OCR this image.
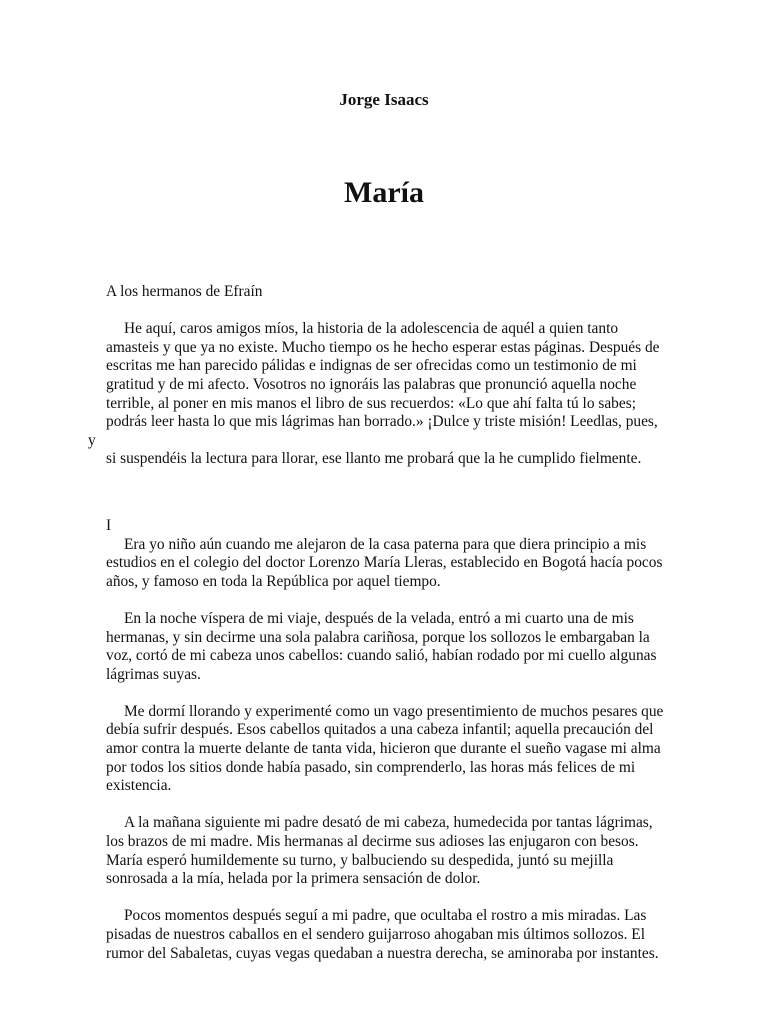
Jorge Isaacs
María

A los hermanos de Efraín

He aquí, caros amigos míos, la historia de la adolescencia de aquél a quien tanto
amasteis y que ya no existe. Mucho tiempo os he hecho esperar estas páginas. Después de
escritas me han parecido pálidas e indignas de ser ofrecidas como un testimonio de mi
gratitud y de mi afecto. Vosotros no ignoráis las palabras que pronunció aquella noche
terrible, al poner en mis manos el libro de sus recuerdos: «Lo que ahí falta tú lo sabes;
podrás leer hasta lo que mis lágrimas han borrado.» ¡Dulce y triste misión! Leedlas, pues, y
si suspendéis la lectura para llorar, ese llanto me probará que la he cumplido fielmente.

I

Era yo niño aún cuando me alejaron de la casa paterna para que diera principio a mis
estudios en el colegio del doctor Lorenzo María Lleras, establecido en Bogotá hacía pocos
años, y famoso en toda la República por aquel tiempo.

En la noche víspera de mi viaje, después de la velada, entró a mi cuarto una de mis
hermanas, y sin decirme una sola palabra cariñosa, porque los sollozos le embargaban la
voz, cortó de mi cabeza unos cabellos: cuando salió, habían rodado por mi cuello algunas
lágrimas suyas.

Me dormí llorando y experimenté como un vago presentimiento de muchos pesares que
debía sufrir después. Esos cabellos quitados a una cabeza infantil; aquella precaución del
amor contra la muerte delante de tanta vida, hicieron que durante el sueño vagase mi alma
por todos los sitios donde había pasado, sin comprenderlo, las horas más felices de mi
existencia.

A la mañana siguiente mi padre desató de mi cabeza, humedecida por tantas lágrimas,
los brazos de mi madre. Mis hermanas al decirme sus adioses las enjugaron con besos.
María esperó humildemente su turno, y balbuciendo su despedida, juntó su mejilla
sonrosada a la mía, helada por la primera sensación de dolor.

Pocos momentos después seguí a mi padre, que ocultaba el rostro a mis miradas. Las
pisadas de nuestros caballos en el sendero guijarroso ahogaban mis últimos sollozos. El
rumor del Sabaletas, cuyas vegas quedaban a nuestra derecha, se aminoraba por instantes.
